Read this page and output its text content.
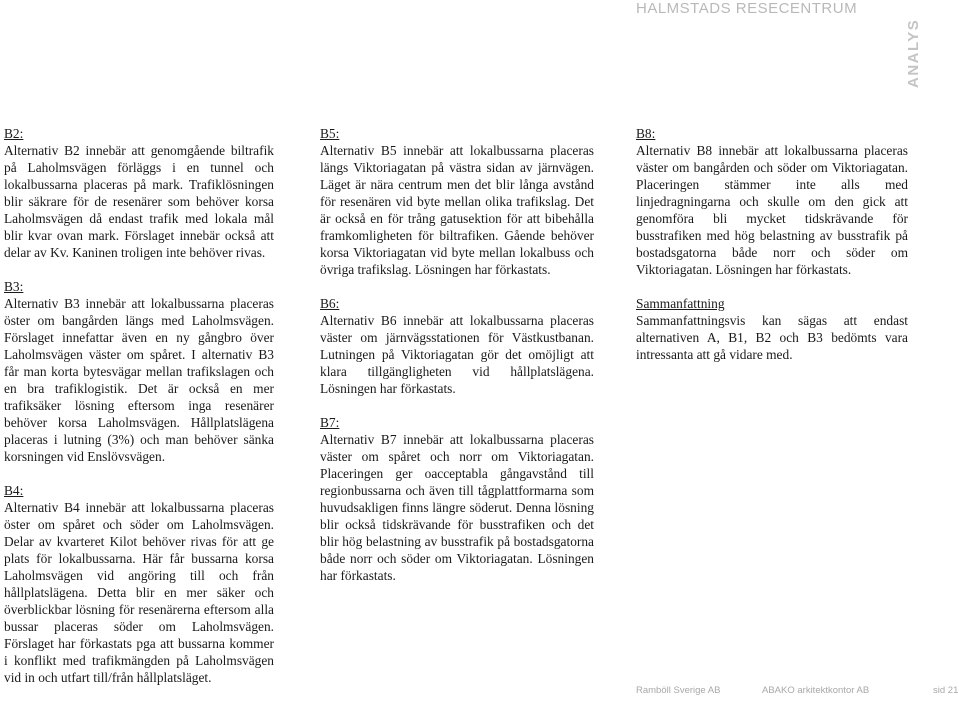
HALMSTADS RESECENTRUM
ANALYS
B2:
Alternativ B2 innebär att genomgående biltrafik på Laholmsvägen förläggs i en tunnel och lokalbussarna placeras på mark. Trafiklösningen blir säkrare för de resenärer som behöver korsa Laholmsvägen då endast trafik med lokala mål blir kvar ovan mark. Förslaget innebär också att delar av Kv. Kaninen troligen inte behöver rivas.
B3:
Alternativ B3 innebär att lokalbussarna placeras öster om bangården längs med Laholmsvägen. Förslaget innefattar även en ny gångbro över Laholmsvägen väster om spåret. I alternativ B3 får man korta bytesvägar mellan trafikslagen och en bra trafiklogistik. Det är också en mer trafiksäker lösning eftersom inga resenärer behöver korsa Laholmsvägen. Hållplatslägena placeras i lutning (3%) och man behöver sänka korsningen vid Enslövsvägen.
B4:
Alternativ B4 innebär att lokalbussarna placeras öster om spåret och söder om Laholmsvägen. Delar av kvarteret Kilot behöver rivas för att ge plats för lokalbussarna. Här får bussarna korsa Laholmsvägen vid angöring till och från hållplatslägena. Detta blir en mer säker och överblickbar lösning för resenärerna eftersom alla bussar placeras söder om Laholmsvägen. Förslaget har förkastats pga att bussarna kommer i konflikt med trafikmängden på Laholmsvägen vid in och utfart till/från hållplatsläget.
B5:
Alternativ B5 innebär att lokalbussarna placeras längs Viktoriagatan på västra sidan av järnvägen. Läget är nära centrum men det blir långa avstånd för resenären vid byte mellan olika trafikslag. Det är också en för trång gatusektion för att bibehålla framkomligheten för biltrafiken. Gående behöver korsa Viktoriagatan vid byte mellan lokalbuss och övriga trafikslag. Lösningen har förkastats.
B6:
Alternativ B6 innebär att lokalbussarna placeras väster om järnvägsstationen för Västkustbanan. Lutningen på Viktoriagatan gör det omöjligt att klara tillgängligheten vid hållplatslägena. Lösningen har förkastats.
B7:
Alternativ B7 innebär att lokalbussarna placeras väster om spåret och norr om Viktoriagatan. Placeringen ger oacceptabla gångavstånd till regionbussarna och även till tågplattformarna som huvudsakligen finns längre söderut. Denna lösning blir också tidskrävande för busstrafiken och det blir hög belastning av busstrafik på bostadsgatorna både norr och söder om Viktoriagatan. Lösningen har förkastats.
B8:
Alternativ B8 innebär att lokalbussarna placeras väster om bangården och söder om Viktoriagatan. Placeringen stämmer inte alls med linjedragningarna och skulle om den gick att genomföra bli mycket tidskrävande för busstrafiken med hög belastning av busstrafik på bostadsgatorna både norr och söder om Viktoriagatan. Lösningen har förkastats.
Sammanfattning
Sammanfattningsvis kan sägas att endast alternativen A, B1, B2 och B3 bedömts vara intressanta att gå vidare med.
Ramböll Sverige AB	ABAKO arkitektkontor AB	sid 21
